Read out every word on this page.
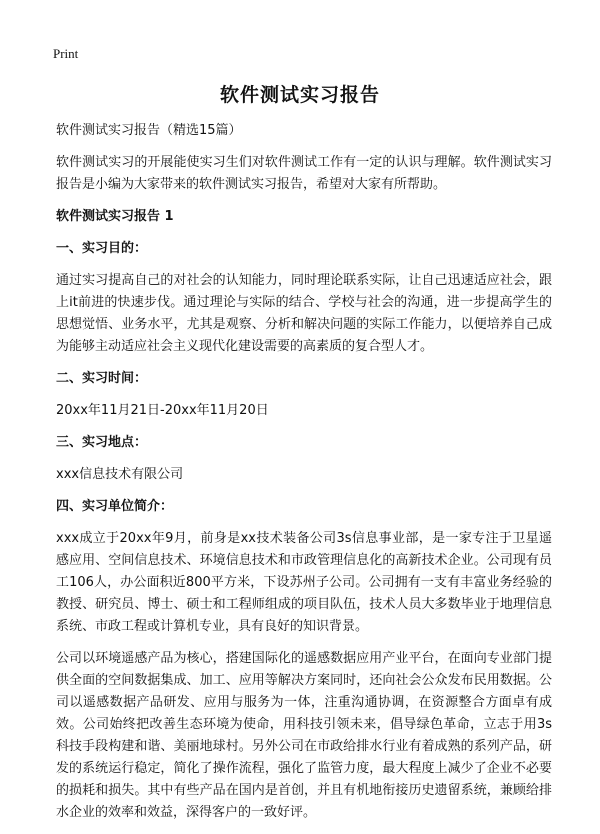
Print
软件测试实习报告

软件测试实习报告（精选15篇）

软件测试实习的开展能使实习生们对软件测试工作有一定的认识与理解。软件测试实习报告是小编为大家带来的软件测试实习报告，希望对大家有所帮助。

软件测试实习报告 1

一、实习目的：

通过实习提高自己的对社会的认知能力，同时理论联系实际，让自己迅速适应社会，跟上it前进的快速步伐。通过理论与实际的结合、学校与社会的沟通，进一步提高学生的思想觉悟、业务水平，尤其是观察、分析和解决问题的实际工作能力，以便培养自己成为能够主动适应社会主义现代化建设需要的高素质的复合型人才。

二、实习时间：

20xx年11月21日-20xx年11月20日

三、实习地点：

xxx信息技术有限公司

四、实习单位简介：

xxx成立于20xx年9月，前身是xx技术装备公司3s信息事业部，是一家专注于卫星遥感应用、空间信息技术、环境信息技术和市政管理信息化的高新技术企业。公司现有员工106人，办公面积近800平方米，下设苏州子公司。公司拥有一支有丰富业务经验的教授、研究员、博士、硕士和工程师组成的项目队伍，技术人员大多数毕业于地理信息系统、市政工程或计算机专业，具有良好的知识背景。

公司以环境遥感产品为核心，搭建国际化的遥感数据应用产业平台，在面向专业部门提供全面的空间数据集成、加工、应用等解决方案同时，还向社会公众发布民用数据。公司以遥感数据产品研发、应用与服务为一体，注重沟通协调，在资源整合方面卓有成效。公司始终把改善生态环境为使命，用科技引领未来，倡导绿色革命，立志于用3s科技手段构建和谐、美丽地球村。另外公司在市政给排水行业有着成熟的系列产品，研发的系统运行稳定，简化了操作流程，强化了监管力度，最大程度上减少了企业不必要的损耗和损失。其中有些产品在国内是首创，并且有机地衔接历史遗留系统，兼顾给排水企业的效率和效益，深得客户的一致好评。
